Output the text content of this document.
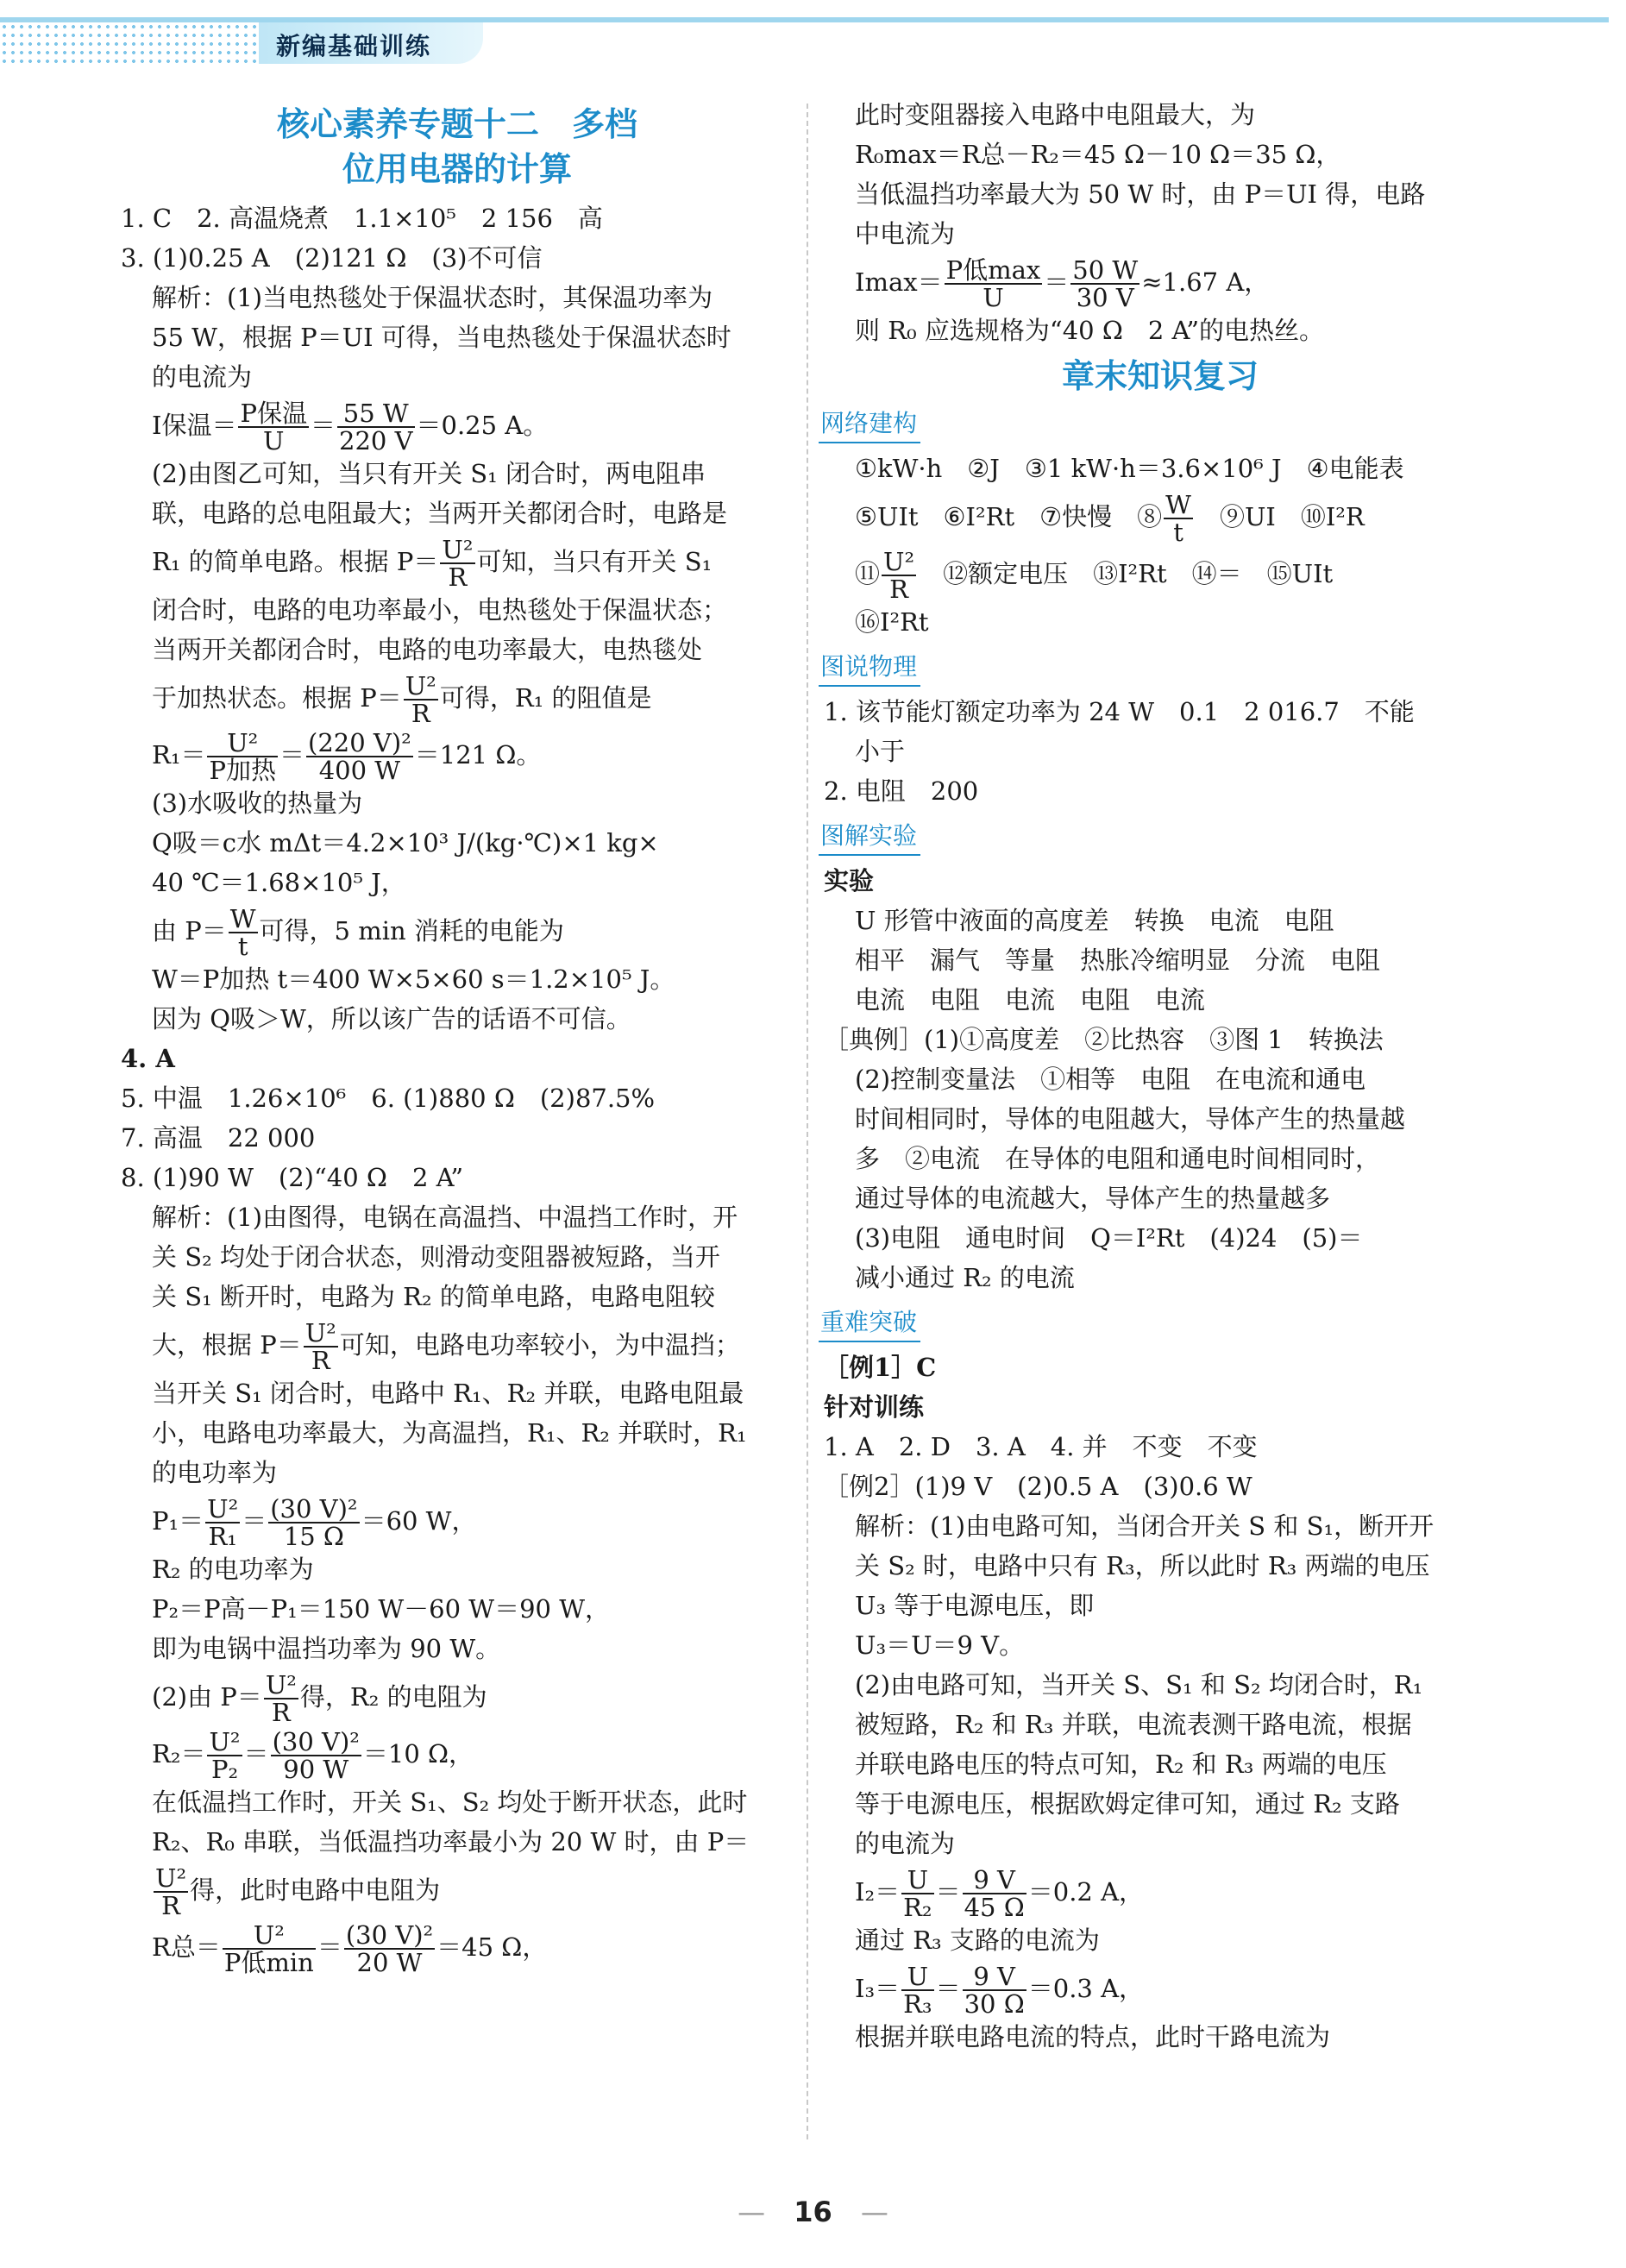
新编基础训练
核心素养专题十二　多档
位用电器的计算
1. C　2. 高温烧煮　1.1×10⁵　2 156　高
3. (1)0.25 A　(2)121 Ω　(3)不可信
解析：(1)当电热毯处于保温状态时，其保温功率为
55 W，根据 P＝UI 可得，当电热毯处于保温状态时
的电流为
I保温＝ $\frac{\text{P保温}}{U} = \frac{55 W}{220 V} =0.25$ A。
(2)由图乙可知，当只有开关 S₁ 闭合时，两电阻串
联，电路的总电阻最大；当两开关都闭合时，电路是
R₁ 的简单电路。根据 $P= \frac{\text{U²}}{R}$ 可知，当只有开关 S₁
闭合时，电路的电功率最小，电热毯处于保温状态；
当两开关都闭合时，电路的电功率最大，电热毯处
于加热状态。根据 $P= \frac{\text{U²}}{R}$ 可得，R₁ 的阻值是
$R_1= \frac{\text{U²}}{\text{P加热}} = \frac{\text{(220 V)²}}{400 W} =121$ Ω。
(3)水吸收的热量为
Q吸＝c水 mΔt＝4.2×10³ J/(kg·℃)×1 kg×
40 ℃＝1.68×10⁵ J，
由 $P= \frac{W}{t}$ 可得，5 min 消耗的电能为
W＝P加热 t＝400 W×5×60 s＝1.2×10⁵ J。
因为 Q吸＞W，所以该广告的话语不可信。
4. A
5. 中温　1.26×10⁶　6. (1)880 Ω　(2)87.5%
7. 高温　22 000
8. (1)90 W　(2)“40 Ω　2 A”
解析：(1)由图得，电锅在高温挡、中温挡工作时，开
关 S₂ 均处于闭合状态，则滑动变阻器被短路，当开
关 S₁ 断开时，电路为 R₂ 的简单电路，电路电阻较
大，根据 $P= \frac{\text{U²}}{R}$ 可知，电路电功率较小，为中温挡；
当开关 S₁ 闭合时，电路中 R₁、R₂ 并联，电路电阻最
小，电路电功率最大，为高温挡，R₁、R₂ 并联时，R₁
的电功率为
$P_1= \frac{\text{U²}}{\text{R₁}} = \frac{\text{(30 V)²}}{15 \Omega} =60$ W，
R₂ 的电功率为
P₂＝P高－P₁＝150 W－60 W＝90 W，
即为电锅中温挡功率为 90 W。
(2)由 $P= \frac{\text{U²}}{R}$ 得，R₂ 的电阻为
$R_2= \frac{\text{U²}}{\text{P₂}} = \frac{\text{(30 V)²}}{90 W} =10$ Ω，
在低温挡工作时，开关 S₁、S₂ 均处于断开状态，此时
R₂、R₀ 串联，当低温挡功率最小为 20 W 时，由 P＝
$\frac{\text{U²}}{R}$ 得，此时电路中电阻为
R总＝ $\frac{\text{U²}}{\text{P低min}} = \frac{\text{(30 V)²}}{20 W} =45$ Ω，
此时变阻器接入电路中电阻最大，为
R₀max＝R总－R₂＝45 Ω－10 Ω＝35 Ω，
当低温挡功率最大为 50 W 时，由 P＝UI 得，电路
中电流为
$Imax= \frac{\text{P低max}}{U} = \frac{50 W}{30 V} \approx 1.67$ A，
则 R₀ 应选规格为“40 Ω　2 A”的电热丝。
章末知识复习
网络建构
①kW·h　②J　③1 kW·h＝3.6×10⁶ J　④电能表
⑤UIt　⑥I²Rt　⑦快慢　⑧ $\frac{W}{t}$
　 ⑨UI　⑩I²R
⑪ $\frac{\text{U²}}{R}$ 　⑫额定电压　⑬I²Rt　⑭＝　⑮UIt
⑯I²Rt
图说物理
1. 该节能灯额定功率为 24 W　0.1　2 016.7　不能
小于
2. 电阻　200
图解实验
实验
U 形管中液面的高度差　转换　电流　电阻
相平　漏气　等量　热胀冷缩明显　分流　电阻
电流　电阻　电流　电阻　电流
［典例］(1)①高度差　②比热容　③图 1　转换法
(2)控制变量法　①相等　电阻　在电流和通电
时间相同时，导体的电阻越大，导体产生的热量越
多　②电流　在导体的电阻和通电时间相同时，
通过导体的电流越大，导体产生的热量越多
(3)电阻　通电时间　Q＝I²Rt　(4)24　(5)＝
减小通过 R₂ 的电流
重难突破
［例1］C
针对训练
1. A　2. D　3. A　4. 并　不变　不变
［例2］(1)9 V　(2)0.5 A　(3)0.6 W
解析：(1)由电路可知，当闭合开关 S 和 S₁，断开开
关 S₂ 时，电路中只有 R₃，所以此时 R₃ 两端的电压
U₃ 等于电源电压，即
U₃＝U＝9 V。
(2)由电路可知，当开关 S、S₁ 和 S₂ 均闭合时，R₁
被短路，R₂ 和 R₃ 并联，电流表测干路电流，根据
并联电路电压的特点可知，R₂ 和 R₃ 两端的电压
等于电源电压，根据欧姆定律可知，通过 R₂ 支路
的电流为
$I_2= \frac{U}{\text{R₂}} = \frac{9 V}{45 \Omega} =0.2$ A，
通过 R₃ 支路的电流为
$I_3= \frac{U}{\text{R₃}} = \frac{9 V}{30 \Omega} =0.3$ A，
根据并联电路电流的特点，此时干路电流为
— 16 —
